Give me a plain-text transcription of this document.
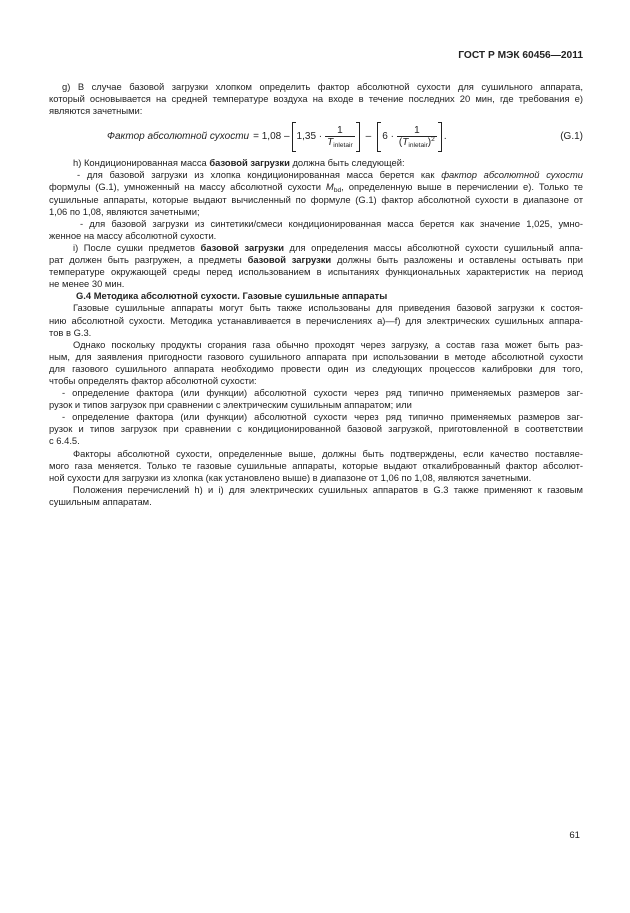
ГОСТ Р МЭК 60456—2011
g) В случае базовой загрузки хлопком определить фактор абсолютной сухости для сушильного аппарата,
который основывается на средней температуре воздуха на входе в течение последних 20 мин, где требования e)
являются зачетными:
Фактор абсолютной сухости = $1,08 - 1,35 \cdot \frac{1}{\text{T inletair}} - 6 \cdot \frac{1}{\text{( T inletair ) 2}}$ .	(G.1)
h) Кондиционированная масса базовой загрузки должна быть следующей:
- для базовой загрузки из хлопка кондиционированная масса берется как фактор абсолютной сухости
формулы (G.1), умноженный на массу абсолютной сухости $M_{bd}$, определенную выше в перечислении e). Только те
сушильные аппараты, которые выдают вычисленный по формуле (G.1) фактор абсолютной сухости в диапазоне от
1,06 по 1,08, являются зачетными;
- для базовой загрузки из синтетики/смеси кондиционированная масса берется как значение 1,025, умно-
женное на массу абсолютной сухости.
i) После сушки предметов базовой загрузки для определения массы абсолютной сухости сушильный аппа-
рат должен быть разгружен, а предметы базовой загрузки должны быть разложены и оставлены остывать при
температуре окружающей среды перед использованием в испытаниях функциональных характеристик на период
не менее 30 мин.
G.4 Методика абсолютной сухости. Газовые сушильные аппараты
Газовые сушильные аппараты могут быть также использованы для приведения базовой загрузки к состоя-
нию абсолютной сухости. Методика устанавливается в перечислениях a)—f) для электрических сушильных аппара-
тов в G.3.
Однако поскольку продукты сгорания газа обычно проходят через загрузку, а состав газа может быть раз-
ным, для заявления пригодности газового сушильного аппарата при использовании в методе абсолютной сухости
для газового сушильного аппарата необходимо провести один из следующих процессов калибровки для того,
чтобы определять фактор абсолютной сухости:
- определение фактора (или функции) абсолютной сухости через ряд типично применяемых размеров заг-
рузок и типов загрузок при сравнении с электрическим сушильным аппаратом; или
- определение фактора (или функции) абсолютной сухости через ряд типично применяемых размеров заг-
рузок и типов загрузок при сравнении с кондиционированной базовой загрузкой, приготовленной в соответствии
с 6.4.5.
Факторы абсолютной сухости, определенные выше, должны быть подтверждены, если качество поставляе-
мого газа меняется. Только те газовые сушильные аппараты, которые выдают откалиброванный фактор абсолют-
ной сухости для загрузки из хлопка (как установлено выше) в диапазоне от 1,06 по 1,08, являются зачетными.
Положения перечислений h) и i) для электрических сушильных аппаратов в G.3 также применяют к газовым
сушильным аппаратам.
61
